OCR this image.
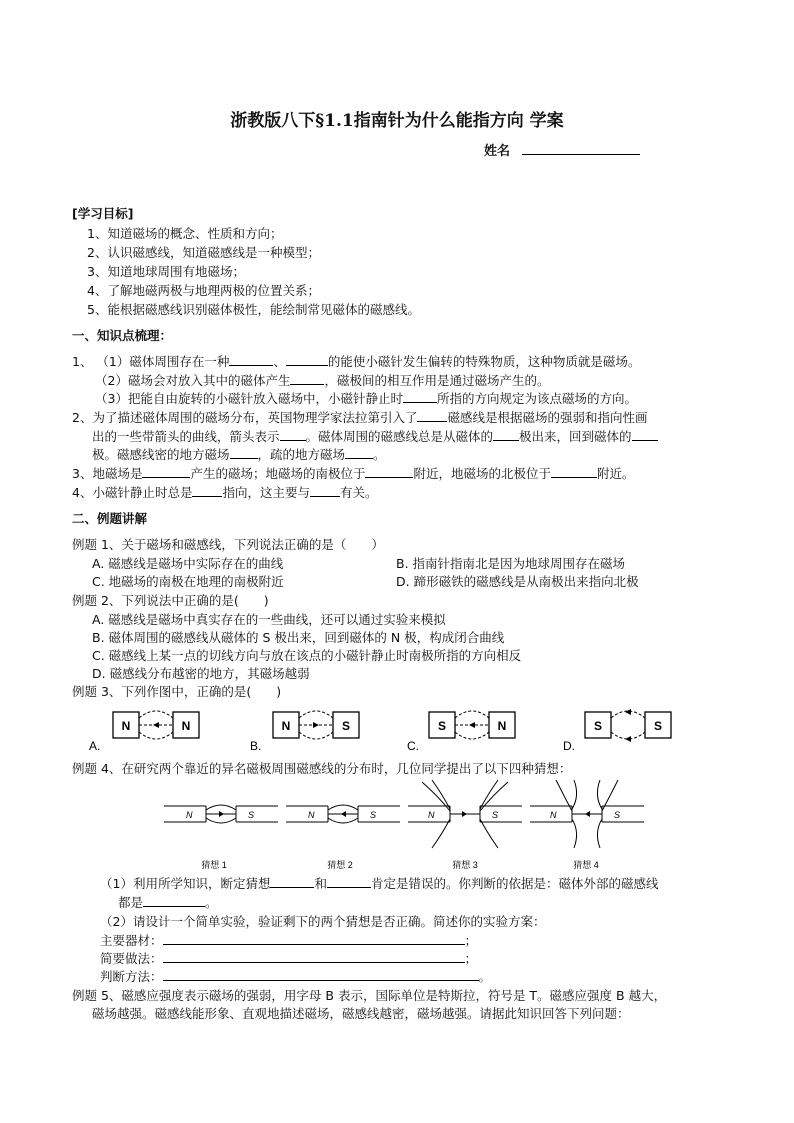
浙教版八下§1.1指南针为什么能指方向 学案
姓名
[学习目标]
1、知道磁场的概念、性质和方向；
2、认识磁感线，知道磁感线是一种模型；
3、知道地球周围有地磁场；
4、了解地磁两极与地理两极的位置关系；
5、能根据磁感线识别磁体极性，能绘制常见磁体的磁感线。
一、知识点梳理：
1、 （1）磁体周围存在一种	、	的能使小磁针发生偏转的特殊物质，这种物质就是磁场。
（2）磁场会对放入其中的磁体产生	，磁极间的相互作用是通过磁场产生的。
（3）把能自由旋转的小磁针放入磁场中，小磁针静止时	所指的方向规定为该点磁场的方向。
2、为了描述磁体周围的磁场分布，英国物理学家法拉第引入了 磁感线是根据磁场的强弱和指向性画
出的一些带箭头的曲线，箭头表示 。磁体周围的磁感线总是从磁体的 极出来，回到磁体的
极。磁感线密的地方磁场 ，疏的地方磁场 。
3、地磁场是	产生的磁场；地磁场的南极位于	附近，地磁场的北极位于	附近。
4、小磁针静止时总是 指向，这主要与 有关。
二、例题讲解
例题 1、关于磁场和磁感线，下列说法正确的是（　　）
A. 磁感线是磁场中实际存在的曲线	B. 指南针指南北是因为地球周围存在磁场
C. 地磁场的南极在地理的南极附近	D. 蹄形磁铁的磁感线是从南极出来指向北极
例题 2、下列说法中正确的是(　　)
A. 磁感线是磁场中真实存在的一些曲线，还可以通过实验来模拟
B. 磁体周围的磁感线从磁体的 S 极出来，回到磁体的 N 极，构成闭合曲线
C. 磁感线上某一点的切线方向与放在该点的小磁针静止时南极所指的方向相反
D. 磁感线分布越密的地方，其磁场越弱
例题 3、下列作图中，正确的是(　　)
N	N
A.
N	S
B.
S	N
C.
S	S
D.
例题 4、在研究两个靠近的异名磁极周围磁感线的分布时，几位同学提出了以下四种猜想：
N	S
猜想 1
N	S
猜想 2
N	S
猜想 3
N	S
猜想 4
（1）利用所学知识，断定猜想	和	肯定是错误的。你判断的依据是：磁体外部的磁感线
都是	。
（2）请设计一个简单实验，验证剩下的两个猜想是否正确。简述你的实验方案：
主要器材：	；
简要做法：	；
判断方法：	。
例题 5、磁感应强度表示磁场的强弱，用字母 B 表示，国际单位是特斯拉，符号是 T。磁感应强度 B 越大，
磁场越强。磁感线能形象、直观地描述磁场，磁感线越密，磁场越强。请据此知识回答下列问题：
